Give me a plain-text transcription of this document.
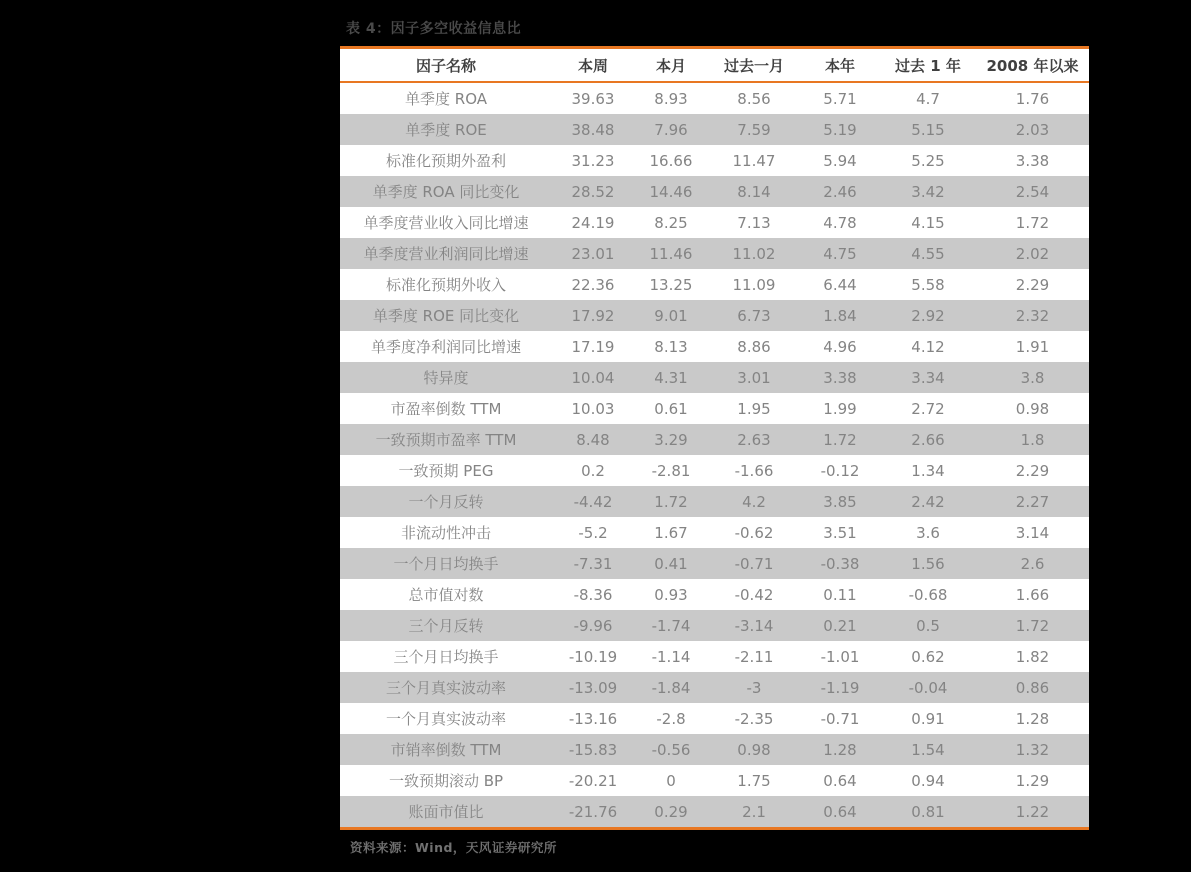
表 4：因子多空收益信息比
因子名称	本周	本月	过去一月	本年	过去 1 年	2008 年以来
单季度 ROA	39.63	8.93	8.56	5.71	4.7	1.76
单季度 ROE	38.48	7.96	7.59	5.19	5.15	2.03
标准化预期外盈利	31.23	16.66	11.47	5.94	5.25	3.38
单季度 ROA 同比变化	28.52	14.46	8.14	2.46	3.42	2.54
单季度营业收入同比增速	24.19	8.25	7.13	4.78	4.15	1.72
单季度营业利润同比增速	23.01	11.46	11.02	4.75	4.55	2.02
标准化预期外收入	22.36	13.25	11.09	6.44	5.58	2.29
单季度 ROE 同比变化	17.92	9.01	6.73	1.84	2.92	2.32
单季度净利润同比增速	17.19	8.13	8.86	4.96	4.12	1.91
特异度	10.04	4.31	3.01	3.38	3.34	3.8
市盈率倒数 TTM	10.03	0.61	1.95	1.99	2.72	0.98
一致预期市盈率 TTM	8.48	3.29	2.63	1.72	2.66	1.8
一致预期 PEG	0.2	-2.81	-1.66	-0.12	1.34	2.29
一个月反转	-4.42	1.72	4.2	3.85	2.42	2.27
非流动性冲击	-5.2	1.67	-0.62	3.51	3.6	3.14
一个月日均换手	-7.31	0.41	-0.71	-0.38	1.56	2.6
总市值对数	-8.36	0.93	-0.42	0.11	-0.68	1.66
三个月反转	-9.96	-1.74	-3.14	0.21	0.5	1.72
三个月日均换手	-10.19	-1.14	-2.11	-1.01	0.62	1.82
三个月真实波动率	-13.09	-1.84	-3	-1.19	-0.04	0.86
一个月真实波动率	-13.16	-2.8	-2.35	-0.71	0.91	1.28
市销率倒数 TTM	-15.83	-0.56	0.98	1.28	1.54	1.32
一致预期滚动 BP	-20.21	0	1.75	0.64	0.94	1.29
账面市值比	-21.76	0.29	2.1	0.64	0.81	1.22
资料来源：Wind，天风证券研究所
